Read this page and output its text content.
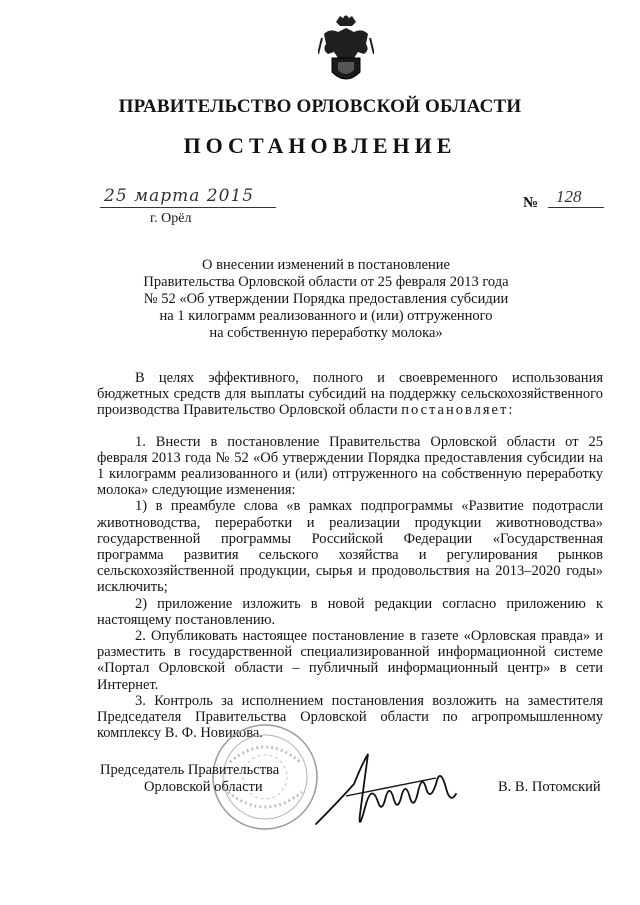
ПРАВИТЕЛЬСТВО ОРЛОВСКОЙ ОБЛАСТИ
ПОСТАНОВЛЕНИЕ
25 марта 2015	№ 128
г. Орёл
О внесении изменений в постановление
Правительства Орловской области от 25 февраля 2013 года
№ 52 «Об утверждении Порядка предоставления субсидии
на 1 килограмм реализованного и (или) отгруженного
на собственную переработку молока»

В целях эффективного, полного и своевременного использования бюджетных средств для выплаты субсидий на поддержку сельскохозяйственного производства Правительство Орловской области постановляет:

1. Внести в постановление Правительства Орловской области от 25 февраля 2013 года № 52 «Об утверждении Порядка предоставления субсидии на 1 килограмм реализованного и (или) отгруженного на собственную переработку молока» следующие изменения:

1) в преамбуле слова «в рамках подпрограммы «Развитие подотрасли животноводства, переработки и реализации продукции животноводства» государственной программы Российской Федерации «Государственная программа развития сельского хозяйства и регулирования рынков сельскохозяйственной продукции, сырья и продовольствия на 2013–2020 годы» исключить;

2) приложение изложить в новой редакции согласно приложению к настоящему постановлению.

2. Опубликовать настоящее постановление в газете «Орловская правда» и разместить в государственной специализированной информационной системе «Портал Орловской области – публичный информационный центр» в сети Интернет.

3. Контроль за исполнением постановления возложить на заместителя Председателя Правительства Орловской области по агропромышленному комплексу В. Ф. Новикова.

Председатель Правительства
Орловской области	В. В. Потомский
